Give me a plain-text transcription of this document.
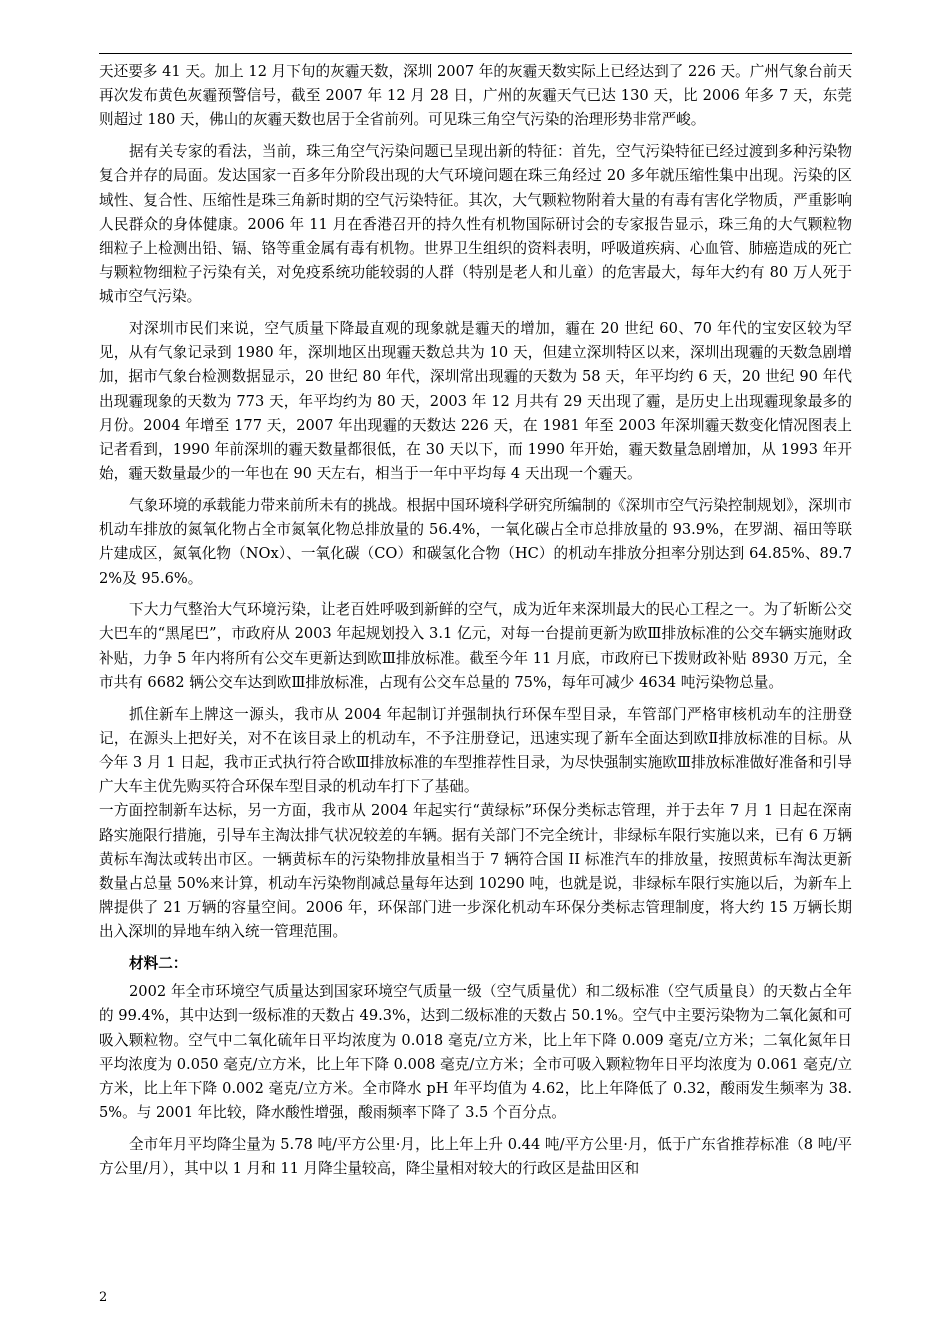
天还要多 41 天。加上 12 月下旬的灰霾天数，深圳 2007 年的灰霾天数实际上已经达到了 226 天。广州气象台前天再次发布黄色灰霾预警信号，截至 2007 年 12 月 28 日，广州的灰霾天气已达 130 天，比 2006 年多 7 天，东莞则超过 180 天，佛山的灰霾天数也居于全省前列。可见珠三角空气污染的治理形势非常严峻。

据有关专家的看法，当前，珠三角空气污染问题已呈现出新的特征：首先，空气污染特征已经过渡到多种污染物复合并存的局面。发达国家一百多年分阶段出现的大气环境问题在珠三角经过 20 多年就压缩性集中出现。污染的区域性、复合性、压缩性是珠三角新时期的空气污染特征。其次，大气颗粒物附着大量的有毒有害化学物质，严重影响人民群众的身体健康。2006 年 11 月在香港召开的持久性有机物国际研讨会的专家报告显示，珠三角的大气颗粒物细粒子上检测出铅、镉、铬等重金属有毒有机物。世界卫生组织的资料表明，呼吸道疾病、心血管、肺癌造成的死亡与颗粒物细粒子污染有关，对免疫系统功能较弱的人群（特别是老人和儿童）的危害最大，每年大约有 80 万人死于城市空气污染。

对深圳市民们来说，空气质量下降最直观的现象就是霾天的增加，霾在 20 世纪 60、70 年代的宝安区较为罕见，从有气象记录到 1980 年，深圳地区出现霾天数总共为 10 天，但建立深圳特区以来，深圳出现霾的天数急剧增加，据市气象台检测数据显示，20 世纪 80 年代，深圳常出现霾的天数为 58 天，年平均约 6 天，20 世纪 90 年代出现霾现象的天数为 773 天，年平均约为 80 天，2003 年 12 月共有 29 天出现了霾，是历史上出现霾现象最多的月份。2004 年增至 177 天，2007 年出现霾的天数达 226 天，在 1981 年至 2003 年深圳霾天数变化情况图表上记者看到，1990 年前深圳的霾天数量都很低，在 30 天以下，而 1990 年开始，霾天数量急剧增加，从 1993 年开始，霾天数量最少的一年也在 90 天左右，相当于一年中平均每 4 天出现一个霾天。

气象环境的承载能力带来前所未有的挑战。根据中国环境科学研究所编制的《深圳市空气污染控制规划》，深圳市机动车排放的氮氧化物占全市氮氧化物总排放量的 56.4%，一氧化碳占全市总排放量的 93.9%，在罗湖、福田等联片建成区，氮氧化物（NOx）、一氧化碳（CO）和碳氢化合物（HC）的机动车排放分担率分别达到 64.85%、89.72%及 95.6%。

下大力气整治大气环境污染，让老百姓呼吸到新鲜的空气，成为近年来深圳最大的民心工程之一。为了斩断公交大巴车的“黑尾巴”，市政府从 2003 年起规划投入 3.1 亿元，对每一台提前更新为欧Ⅲ排放标准的公交车辆实施财政补贴，力争 5 年内将所有公交车更新达到欧Ⅲ排放标准。截至今年 11 月底，市政府已下拨财政补贴 8930 万元，全市共有 6682 辆公交车达到欧Ⅲ排放标准，占现有公交车总量的 75%，每年可减少 4634 吨污染物总量。

抓住新车上牌这一源头，我市从 2004 年起制订并强制执行环保车型目录，车管部门严格审核机动车的注册登记，在源头上把好关，对不在该目录上的机动车，不予注册登记，迅速实现了新车全面达到欧Ⅱ排放标准的目标。从今年 3 月 1 日起，我市正式执行符合欧Ⅲ排放标准的车型推荐性目录，为尽快强制实施欧Ⅲ排放标准做好准备和引导广大车主优先购买符合环保车型目录的机动车打下了基础。

一方面控制新车达标，另一方面，我市从 2004 年起实行“黄绿标”环保分类标志管理，并于去年 7 月 1 日起在深南路实施限行措施，引导车主淘汰排气状况较差的车辆。据有关部门不完全统计，非绿标车限行实施以来，已有 6 万辆黄标车淘汰或转出市区。一辆黄标车的污染物排放量相当于 7 辆符合国 II 标准汽车的排放量，按照黄标车淘汰更新数量占总量 50%来计算，机动车污染物削减总量每年达到 10290 吨，也就是说，非绿标车限行实施以后，为新车上牌提供了 21 万辆的容量空间。2006 年，环保部门进一步深化机动车环保分类标志管理制度，将大约 15 万辆长期出入深圳的异地车纳入统一管理范围。

材料二：

2002 年全市环境空气质量达到国家环境空气质量一级（空气质量优）和二级标准（空气质量良）的天数占全年的 99.4%，其中达到一级标准的天数占 49.3%，达到二级标准的天数占 50.1%。空气中主要污染物为二氧化氮和可吸入颗粒物。空气中二氧化硫年日平均浓度为 0.018 毫克/立方米，比上年下降 0.009 毫克/立方米；二氧化氮年日平均浓度为 0.050 毫克/立方米，比上年下降 0.008 毫克/立方米；全市可吸入颗粒物年日平均浓度为 0.061 毫克/立方米，比上年下降 0.002 毫克/立方米。全市降水 pH 年平均值为 4.62，比上年降低了 0.32，酸雨发生频率为 38.5%。与 2001 年比较，降水酸性增强，酸雨频率下降了 3.5 个百分点。

全市年月平均降尘量为 5.78 吨/平方公里·月，比上年上升 0.44 吨/平方公里·月，低于广东省推荐标准（8 吨/平方公里/月），其中以 1 月和 11 月降尘量较高，降尘量相对较大的行政区是盐田区和

2
